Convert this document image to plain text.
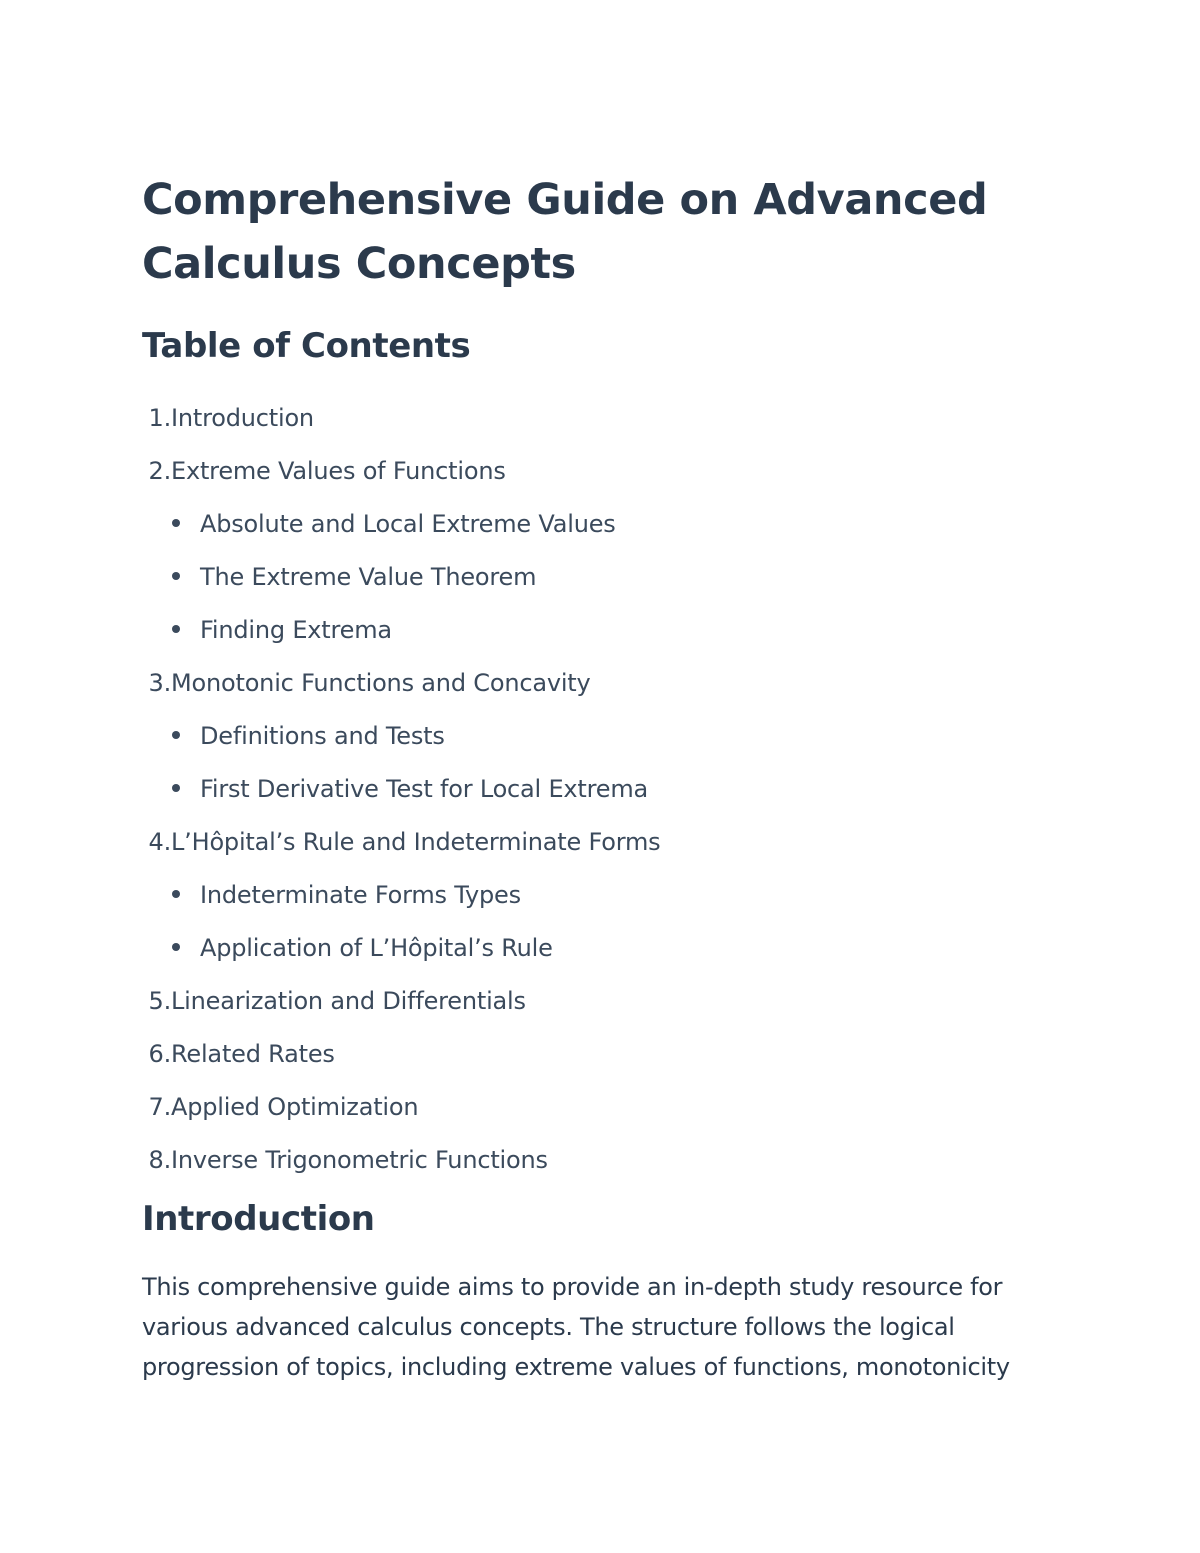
Comprehensive Guide on Advanced Calculus Concepts
Table of Contents
1.Introduction
2.Extreme Values of Functions
Absolute and Local Extreme Values
The Extreme Value Theorem
Finding Extrema
3.Monotonic Functions and Concavity
Definitions and Tests
First Derivative Test for Local Extrema
4.L’Hôpital’s Rule and Indeterminate Forms
Indeterminate Forms Types
Application of L’Hôpital’s Rule
5.Linearization and Differentials
6.Related Rates
7.Applied Optimization
8.Inverse Trigonometric Functions
Introduction

This comprehensive guide aims to provide an in-depth study resource for various advanced calculus concepts. The structure follows the logical progression of topics, including extreme values of functions, monotonicity
